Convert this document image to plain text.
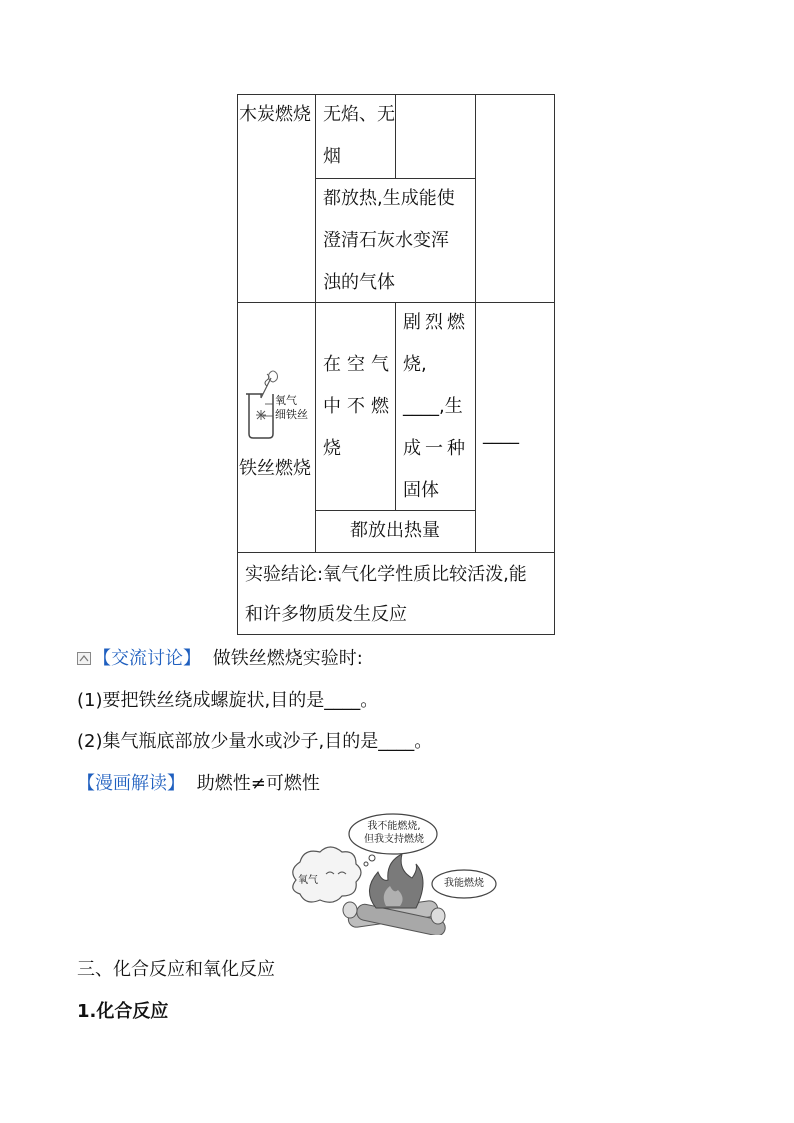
木炭燃烧 无焰、无
烟
都放热,生成能使
澄清石灰水变浑
浊的气体
氧气
细铁丝
铁丝燃烧
在空气
中不燃
烧
剧烈燃
烧,
____,生
成一种
固体
____
都放出热量
实验结论:氧气化学性质比较活泼,能
和许多物质发生反应
【交流讨论】 做铁丝燃烧实验时:
(1)要把铁丝绕成螺旋状,目的是____。
(2)集气瓶底部放少量水或沙子,目的是____。
【漫画解读】 助燃性≠可燃性
我不能燃烧,
但我支持燃烧
我能燃烧
氧气
三、化合反应和氧化反应
1.化合反应
